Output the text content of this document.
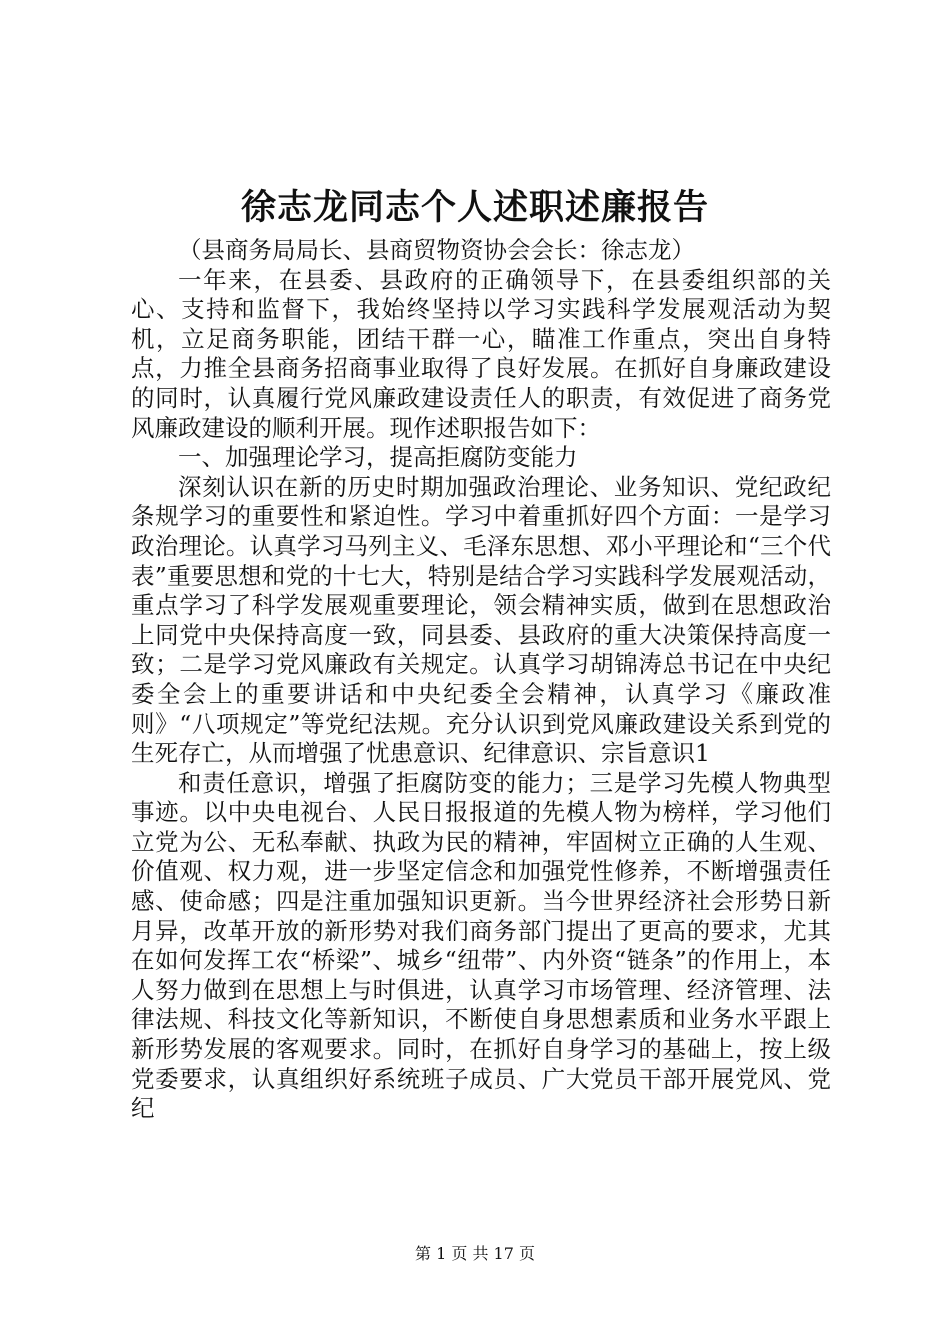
徐志龙同志个人述职述廉报告

（县商务局局长、县商贸物资协会会长：徐志龙）

一年来，在县委、县政府的正确领导下，在县委组织部的关心、支持和监督下，我始终坚持以学习实践科学发展观活动为契机，立足商务职能，团结干群一心，瞄准工作重点，突出自身特点，力推全县商务招商事业取得了良好发展。在抓好自身廉政建设的同时，认真履行党风廉政建设责任人的职责，有效促进了商务党风廉政建设的顺利开展。现作述职报告如下：

一、加强理论学习，提高拒腐防变能力

深刻认识在新的历史时期加强政治理论、业务知识、党纪政纪条规学习的重要性和紧迫性。学习中着重抓好四个方面：一是学习政治理论。认真学习马列主义、毛泽东思想、邓小平理论和“三个代表”重要思想和党的十七大，特别是结合学习实践科学发展观活动，重点学习了科学发展观重要理论，领会精神实质，做到在思想政治上同党中央保持高度一致，同县委、县政府的重大决策保持高度一致；二是学习党风廉政有关规定。认真学习胡锦涛总书记在中央纪委全会上的重要讲话和中央纪委全会精神，认真学习《廉政准则》“八项规定”等党纪法规。充分认识到党风廉政建设关系到党的生死存亡，从而增强了忧患意识、纪律意识、宗旨意识1

和责任意识，增强了拒腐防变的能力；三是学习先模人物典型事迹。以中央电视台、人民日报报道的先模人物为榜样，学习他们立党为公、无私奉献、执政为民的精神，牢固树立正确的人生观、价值观、权力观，进一步坚定信念和加强党性修养，不断增强责任感、使命感；四是注重加强知识更新。当今世界经济社会形势日新月异，改革开放的新形势对我们商务部门提出了更高的要求，尤其在如何发挥工农“桥梁”、城乡“纽带”、内外资“链条”的作用上，本人努力做到在思想上与时俱进，认真学习市场管理、经济管理、法律法规、科技文化等新知识，不断使自身思想素质和业务水平跟上新形势发展的客观要求。同时，在抓好自身学习的基础上，按上级党委要求，认真组织好系统班子成员、广大党员干部开展党风、党纪

第 1 页 共 17 页
